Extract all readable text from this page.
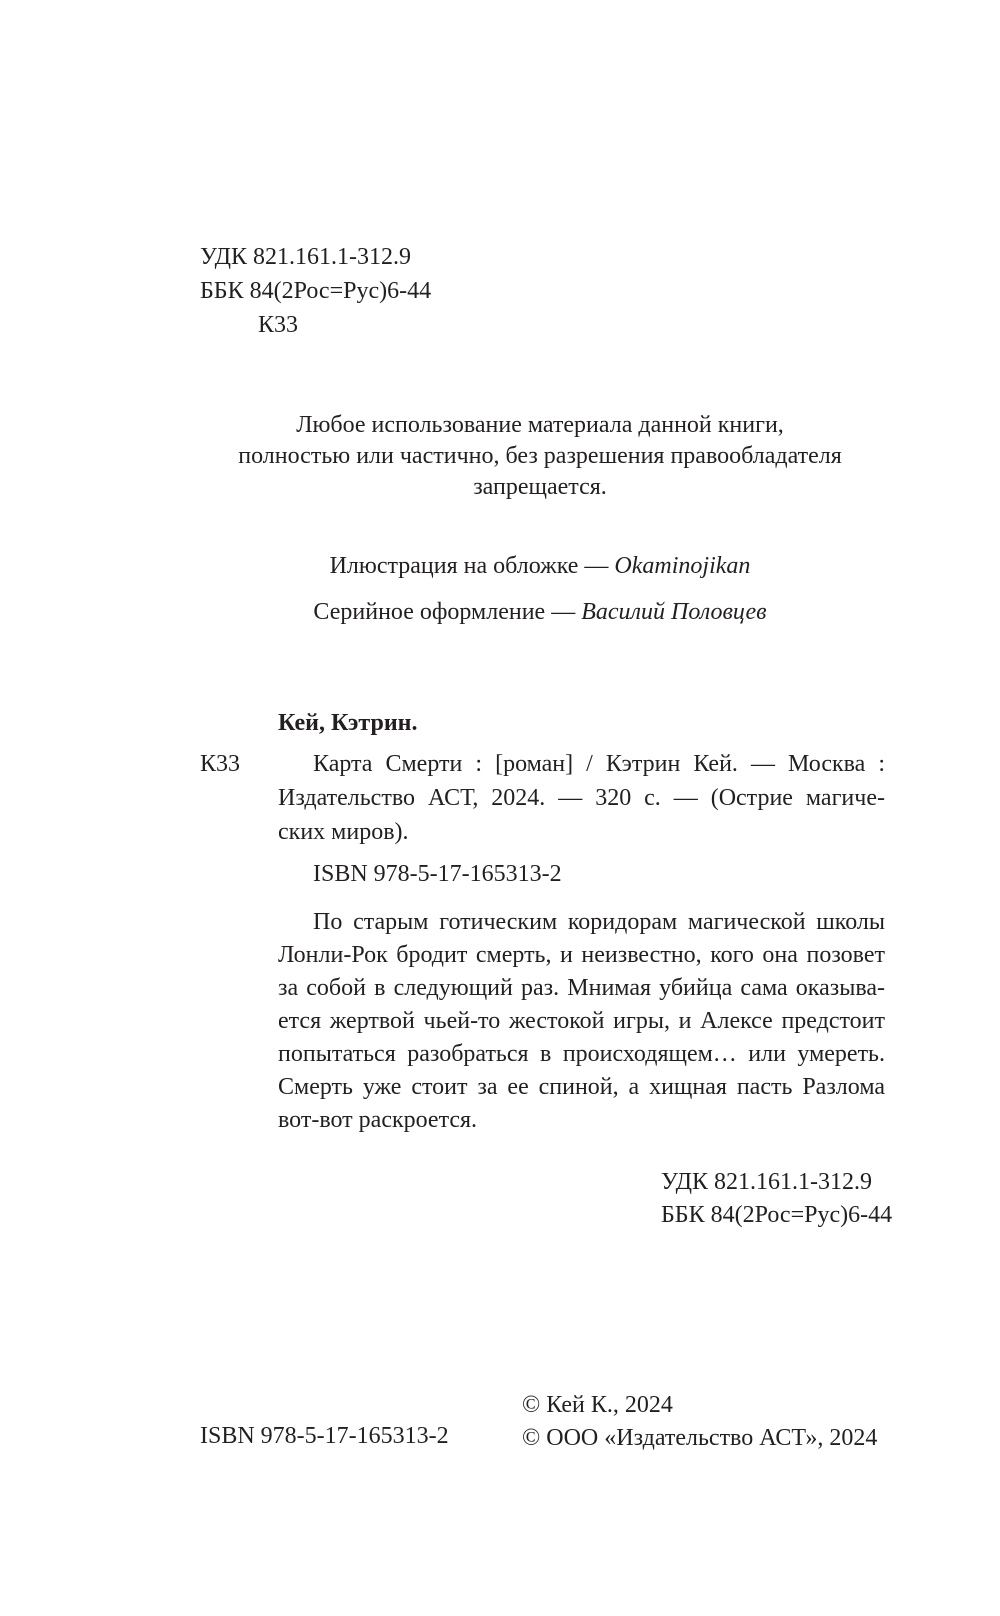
УДК 821.161.1-312.9
ББК 84(2Рос=Рус)6-44
К33
Любое использование материала данной книги,
полностью или частично, без разрешения правообладателя
запрещается.
Илюстрация на обложке — Okaminojikan
Серийное оформление — Василий Половцев
Кей, Кэтрин.
К33	Карта Смерти : [роман] / Кэтрин Кей. — Москва :
Издательство АСТ, 2024. — 320 с. — (Острие магиче-
ских миров).
ISBN 978-5-17-165313-2
По старым готическим коридорам магической школы
Лонли-Рок бродит смерть, и неизвестно, кого она позовет
за собой в следующий раз. Мнимая убийца сама оказыва-
ется жертвой чьей-то жестокой игры, и Алексе предстоит
попытаться разобраться в происходящем… или умереть.
Смерть уже стоит за ее спиной, а хищная пасть Разлома
вот-вот раскроется.
УДК 821.161.1-312.9
ББК 84(2Рос=Рус)6-44
ISBN 978-5-17-165313-2
© Кей К., 2024
© ООО «Издательство АСТ», 2024
